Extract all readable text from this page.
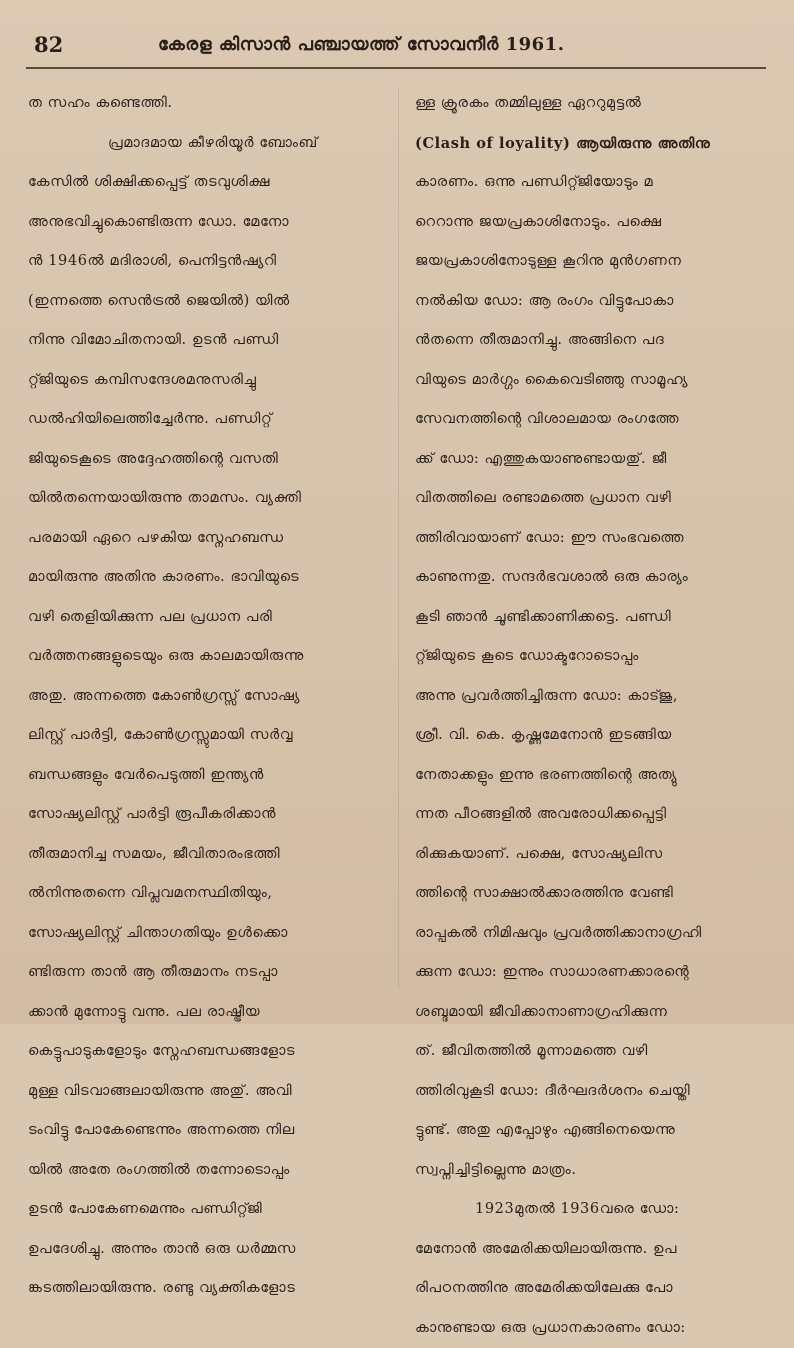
82	കേരള കിസാൻ പഞ്ചായത്ത് സോവനീർ 1961.
ത സഹം കണ്ടെത്തി.
പ്രമാദമായ കീഴരിയൂർ ബോംബ്
കേസിൽ ശിക്ഷിക്കപ്പെട്ട് തടവുശിക്ഷ
അനുഭവിച്ചുകൊണ്ടിരുന്ന ഡോ. മേനോ
ൻ 1946ൽ മദിരാശി, പെനിട്ടൻഷ്യറി
(ഇന്നത്തെ സെൻട്രൽ ജെയിൽ) യിൽ
നിന്നു വിമോചിതനായി. ഉടൻ പണ്ഡി
റ്റ്ജിയുടെ കമ്പിസന്ദേശമനുസരിച്ചു
ഡൽഹിയിലെത്തിച്ചേർന്നു. പണ്ഡിറ്റ്
ജിയുടെകൂടെ അദ്ദേഹത്തിന്റെ വസതി
യിൽതന്നെയായിരുന്നു താമസം. വ്യക്തി
പരമായി ഏറെ പഴകിയ സ്നേഹബന്ധ
മായിരുന്നു അതിനു കാരണം. ഭാവിയുടെ
വഴി തെളിയിക്കുന്ന പല പ്രധാന പരി
വർത്തനങ്ങളുടെയും ഒരു കാലമായിരുന്നു
അതു. അന്നത്തെ കോൺഗ്രസ്സ് സോഷ്യ
ലിസ്റ്റ് പാർട്ടി, കോൺഗ്രസ്സുമായി സർവ്വ
ബന്ധങ്ങളും വേർപെടുത്തി ഇന്ത്യൻ
സോഷ്യലിസ്റ്റ് പാർട്ടി രൂപീകരിക്കാൻ
തീരുമാനിച്ച സമയം, ജീവിതാരംഭത്തി
ൽനിന്നുതന്നെ വിപ്ലവമനസ്ഥിതിയും,
സോഷ്യലിസ്റ്റ് ചിന്താഗതിയും ഉൾക്കൊ
ണ്ടിരുന്ന താൻ ആ തീരുമാനം നടപ്പാ
ക്കാൻ മുന്നോട്ടു വന്നു. പല രാഷ്ട്രീയ
കെട്ടുപാടുകളോടും സ്നേഹബന്ധങ്ങളോട
മുള്ള വിടവാങ്ങലായിരുന്നു അതു്. അവി
ടംവിട്ടു പോകേണ്ടെന്നും അന്നത്തെ നില
യിൽ അതേ രംഗത്തിൽ തന്നോടൊപ്പം
ഉടൻ പോകേണമെന്നും പണ്ഡിറ്റ്ജി
ഉപദേശിച്ചു. അന്നും താൻ ഒരു ധർമ്മസ
ങ്കടത്തിലായിരുന്നു. രണ്ടു വ്യക്തികളോട
ള്ള ക്രൂരകം തമ്മിലുള്ള ഏററുമുട്ടൽ
(Clash of loyality) ആയിരുന്നു അതിനു
കാരണം. ഒന്നു പണ്ഡിറ്റ്ജിയോടും മ
റെറാന്നു ജയപ്രകാശിനോടും. പക്ഷെ
ജയപ്രകാശിനോടുള്ള കൂറിനു മുൻഗണന
നൽകിയ ഡോ: ആ രംഗം വിട്ടുപോകാ
ൻതന്നെ തീരുമാനിച്ചു. അങ്ങിനെ പദ
വിയുടെ മാർഗ്ഗം കൈവെടിഞ്ഞു സാമൂഹ്യ
സേവനത്തിന്റെ വിശാലമായ രംഗത്തേ
ക്ക് ഡോ: എത്തുകയാണുണ്ടായതു്. ജീ
വിതത്തിലെ രണ്ടാമത്തെ പ്രധാന വഴി
ത്തിരിവായാണ് ഡോ: ഈ സംഭവത്തെ
കാണുന്നതു. സന്ദർഭവശാൽ ഒരു കാര്യം
കൂടി ഞാൻ ചൂണ്ടിക്കാണിക്കട്ടെ. പണ്ഡി
റ്റ്ജിയുടെ കൂടെ ഡോക്ടറോടൊപ്പം
അന്നു പ്രവർത്തിച്ചിരുന്ന ഡോ: കാട്ജു,
ശ്രീ. വി. കെ. കൃഷ്ണമേനോൻ ഇടങ്ങിയ
നേതാക്കളും ഇന്നു ഭരണത്തിന്റെ അത്യു
ന്നത പീഠങ്ങളിൽ അവരോധിക്കപ്പെട്ടി
രിക്കുകയാണ്. പക്ഷെ, സോഷ്യലിസ
ത്തിന്റെ സാക്ഷാൽക്കാരത്തിനു വേണ്ടി
രാപ്പകൽ നിമിഷവും പ്രവർത്തിക്കാനാഗ്രഹി
ക്കുന്ന ഡോ: ഇന്നും സാധാരണക്കാരന്റെ
ശബ്ദമായി ജീവിക്കാനാണാഗ്രഹിക്കുന്ന
ത്. ജീവിതത്തിൽ മൂന്നാമത്തെ വഴി
ത്തിരിവുകൂടി ഡോ: ദീർഘദർശനം ചെയ്തി
ട്ടുണ്ട്. അതു എപ്പോഴും എങ്ങിനെയെന്നു
സ്വപ്നിച്ചിട്ടില്ലെന്നു മാത്രം.
1923മുതൽ 1936വരെ ഡോ:
മേനോൻ അമേരിക്കയിലായിരുന്നു. ഉപ
രിപഠനത്തിനു അമേരിക്കയിലേക്കു പോ
കാനുണ്ടായ ഒരു പ്രധാനകാരണം ഡോ:
